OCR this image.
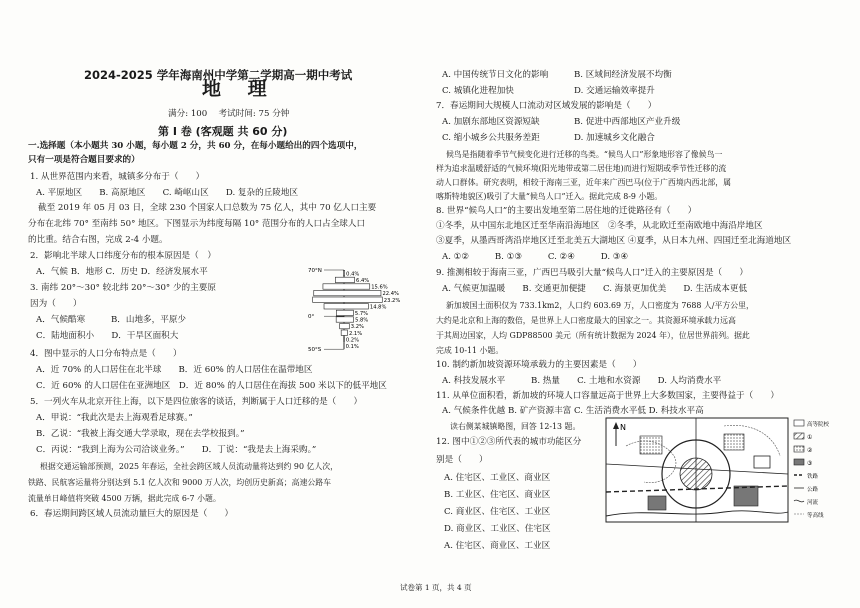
2024-2025 学年海南州中学第二学期高一期中考试
地 理
满分: 100　 考试时间: 75 分钟
第 I 卷 (客观题 共 60 分)
一.选择题（本小题共 30 小题，每小题 2 分，共 60 分，在每小题给出的四个选项中，
只有一项是符合题目要求的）
1. 从世界范围内来看，城镇多分布于（　　）
A. 平原地区　　B. 高原地区　　C. 崎岖山区　　D. 复杂的丘陵地区
截至 2019 年 05 月 03 日，全球 230 个国家人口总数为 75 亿人，其中 70 亿人口主要
分布在北纬 70° 至南纬 50° 地区。下图显示为纬度每隔 10° 范围分布的人口占全球人口
的比重。结合右图，完成 2-4 小题。
2．影响北半球人口纬度分布的根本原因是（　）
A．气候 B．地形 C．历史 D．经济发展水平
3. 南纬 20°～30° 较北纬 20°～30° 少的主要原
因为（　　）
A．气候酷寒　　　B．山地多，平原少
C．陆地面积小　　D．干旱区面积大
4．图中显示的人口分布特点是（　　）
A．近 70% 的人口居住在北半球　　B．近 60% 的人口居住在温带地区
C．近 60% 的人口居住在亚洲地区　D．近 80% 的人口居住在海拔 500 米以下的低平地区
5．一列火车从北京开往上海，以下是四位旅客的谈话，判断属于人口迁移的是（　　）
A．甲说：“我此次是去上海观看足球赛。”
B．乙说：“我被上海交通大学录取，现在去学校报到。”
C．丙说：“我到上海为公司洽谈业务。”　　D．丁说：“我是去上海采购。”
根据交通运输部预测，2025 年春运，全社会跨区域人员流动量将达到约 90 亿人次，
铁路、民航客运量将分别达到 5.1 亿人次和 9000 万人次，均创历史新高；高速公路车
流量单日峰值将突破 4500 万辆，据此完成 6-7 小题。
6．春运期间跨区域人员流动量巨大的原因是（　　）
0.4%
6.4%
15.6%
22.4%
23.2%
14.8%
5.7%
5.8%
3.2%
2.1%
0.2%
0.1%
70°N
0°
50°S
A. 中国传统节日文化的影响　　　B. 区域间经济发展不均衡
C. 城镇化进程加快　　　　　　　D. 交通运输效率提升
7．春运期间大规模人口流动对区域发展的影响是（　　）
A. 加剧东部地区资源短缺　　　　B. 促进中西部地区产业升级
C. 缩小城乡公共服务差距　　　　D. 加速城乡文化融合
候鸟是指随着季节气候变化进行迁移的鸟类。“候鸟人口”形象地形容了像候鸟一
样为追求温暖舒适的气候环境(阳光地带或第二居住地)而进行短期或季节性迁移的流
动人口群体。研究表明，相较于海南三亚，近年来广西巴马(位于广西境内西北部，属
喀斯特地貌区)吸引了大量“候鸟人口”迁入。据此完成 8-9 小题。
8. 世界“候鸟人口”的主要出发地至第二居住地的迁徙路径有（　　）
①冬季，从中国东北地区迁至华南沿海地区　②冬季，从北欧迁至南欧地中海沿岸地区
③夏季，从墨西哥湾沿岸地区迁至北美五大湖地区 ④夏季，从日本九州、四国迁至北海道地区
A. ①②　　　B. ①③　　　C. ②④　　　D. ③④
9. 推测相较于海南三亚，广西巴马吸引大量“候鸟人口”迁入的主要原因是（　　）
A. 气候更加温暖　　B. 交通更加便捷　　C. 海景更加优美　　D. 生活成本更低
新加坡国土面积仅为 733.1km2，人口约 603.69 万，人口密度为 7688 人/平方公里，
大约是北京和上海的数倍，是世界上人口密度最大的国家之一。其资源环境承载力远高
于其周边国家，人均 GDP88500 美元（所有统计数据为 2024 年），位居世界前列。据此
完成 10-11 小题。
10. 制约新加坡资源环境承载力的主要因素是（　　）
A. 科技发展水平　　　B. 热量　　C. 土地和水资源　　D. 人均消费水平
11. 从单位面积看，新加坡的环境人口容量远高于世界上大多数国家，主要得益于（　　）
A. 气候条件优越 B. 矿产资源丰富 C. 生活消费水平低 D. 科技水平高
读右侧某城镇略图，回答 12-13 题。
12. 图中①②③所代表的城市功能区分
别是（　　）
A. 住宅区、工业区、商业区
B. 工业区、住宅区、商业区
C. 商业区、住宅区、工业区
D. 商业区、工业区、住宅区
A. 住宅区、商业区、工业区
N	高等院校
①
②
③
铁路
公路
河流
等高线
试卷第 1 页，共 4 页
